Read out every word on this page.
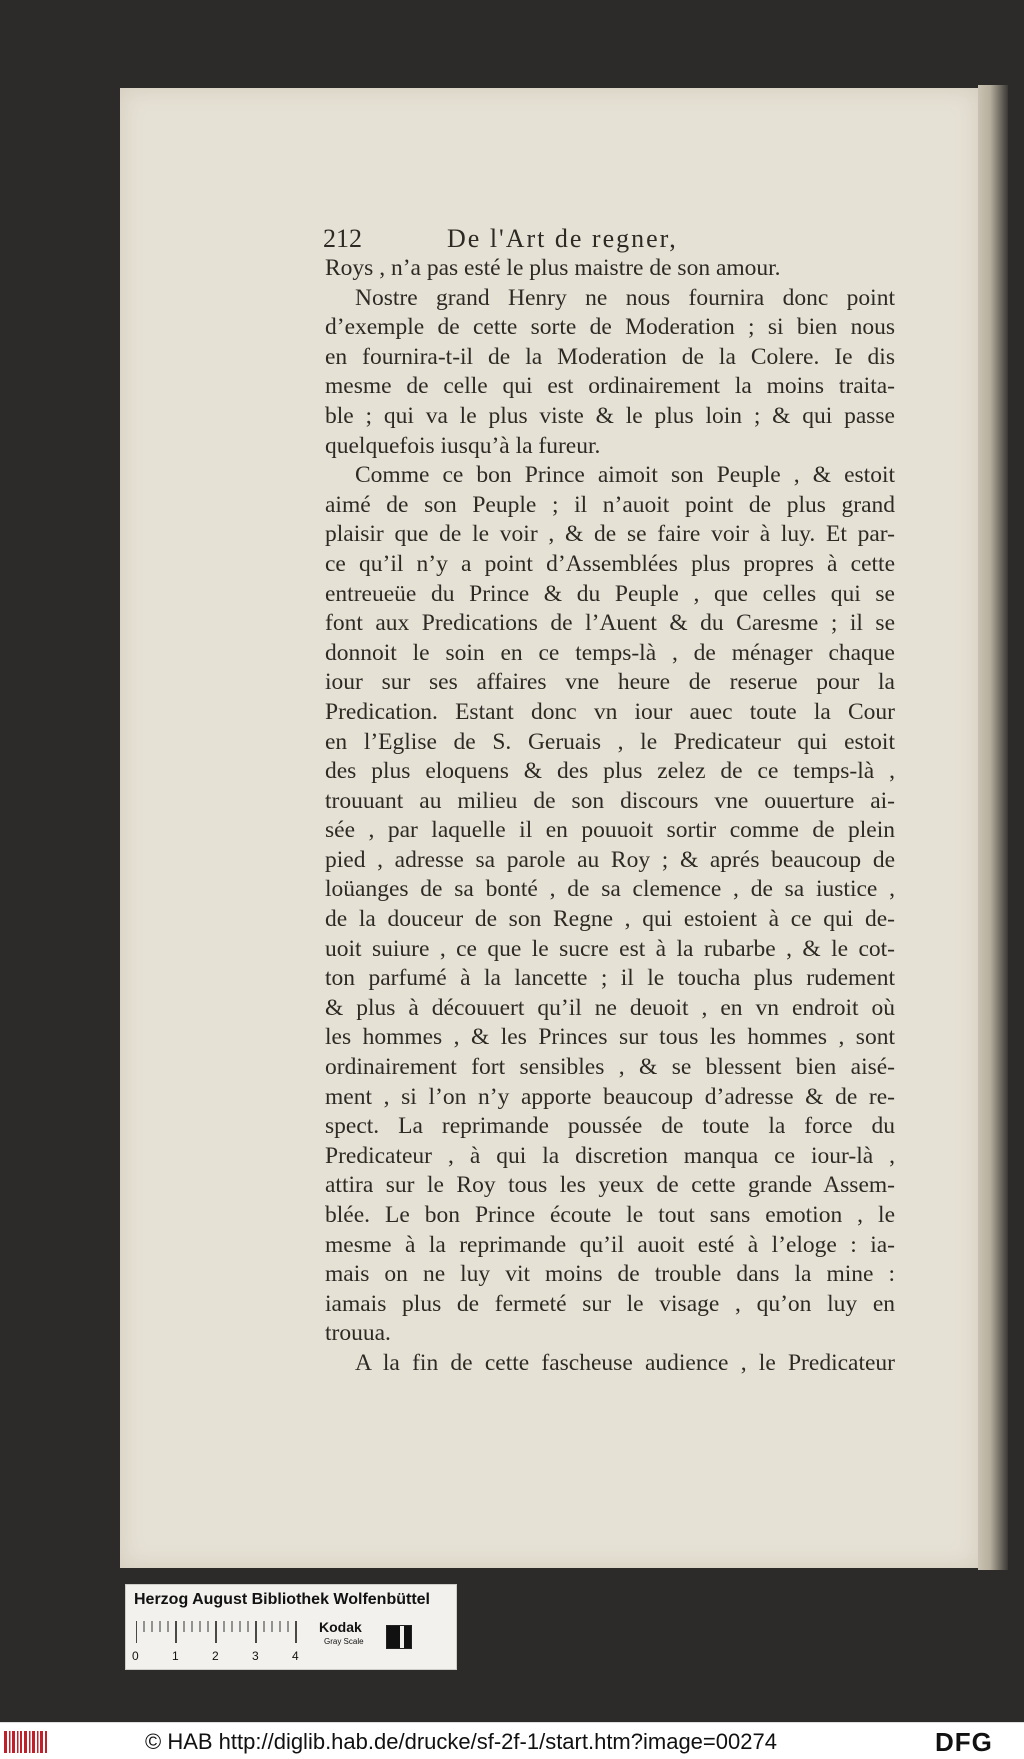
212	De l'Art de regner,
Roys , n’a pas esté le plus maistre de son amour.
Nostre grand Henry ne nous fournira donc point
d’exemple de cette sorte de Moderation ; si bien nous
en fournira-t-il de la Moderation de la Colere. Ie dis
mesme de celle qui est ordinairement la moins traita-
ble ; qui va le plus viste & le plus loin ; & qui passe
quelquefois iusqu’à la fureur.
Comme ce bon Prince aimoit son Peuple , & estoit
aimé de son Peuple ; il n’auoit point de plus grand
plaisir que de le voir , & de se faire voir à luy. Et par-
ce qu’il n’y a point d’Assemblées plus propres à cette
entreueüe du Prince & du Peuple , que celles qui se
font aux Predications de l’Auent & du Caresme ; il se
donnoit le soin en ce temps-là , de ménager chaque
iour sur ses affaires vne heure de reserue pour la
Predication. Estant donc vn iour auec toute la Cour
en l’Eglise de S. Geruais , le Predicateur qui estoit
des plus eloquens & des plus zelez de ce temps-là ,
trouuant au milieu de son discours vne ouuerture ai-
sée , par laquelle il en pouuoit sortir comme de plein
pied , adresse sa parole au Roy ; & aprés beaucoup de
loüanges de sa bonté , de sa clemence , de sa iustice ,
de la douceur de son Regne , qui estoient à ce qui de-
uoit suiure , ce que le sucre est à la rubarbe , & le cot-
ton parfumé à la lancette ; il le toucha plus rudement
& plus à découuert qu’il ne deuoit , en vn endroit où
les hommes , & les Princes sur tous les hommes , sont
ordinairement fort sensibles , & se blessent bien aisé-
ment , si l’on n’y apporte beaucoup d’adresse & de re-
spect. La reprimande poussée de toute la force du
Predicateur , à qui la discretion manqua ce iour-là ,
attira sur le Roy tous les yeux de cette grande Assem-
blée. Le bon Prince écoute le tout sans emotion , le
mesme à la reprimande qu’il auoit esté à l’eloge : ia-
mais on ne luy vit moins de trouble dans la mine :
iamais plus de fermeté sur le visage , qu’on luy en
trouua.
A la fin de cette fascheuse audience , le Predicateur
Herzog August Bibliothek Wolfenbüttel
0	1	2	3	4
Kodak
Gray Scale
© HAB http://diglib.hab.de/drucke/sf-2f-1/start.htm?image=00274	DFG
